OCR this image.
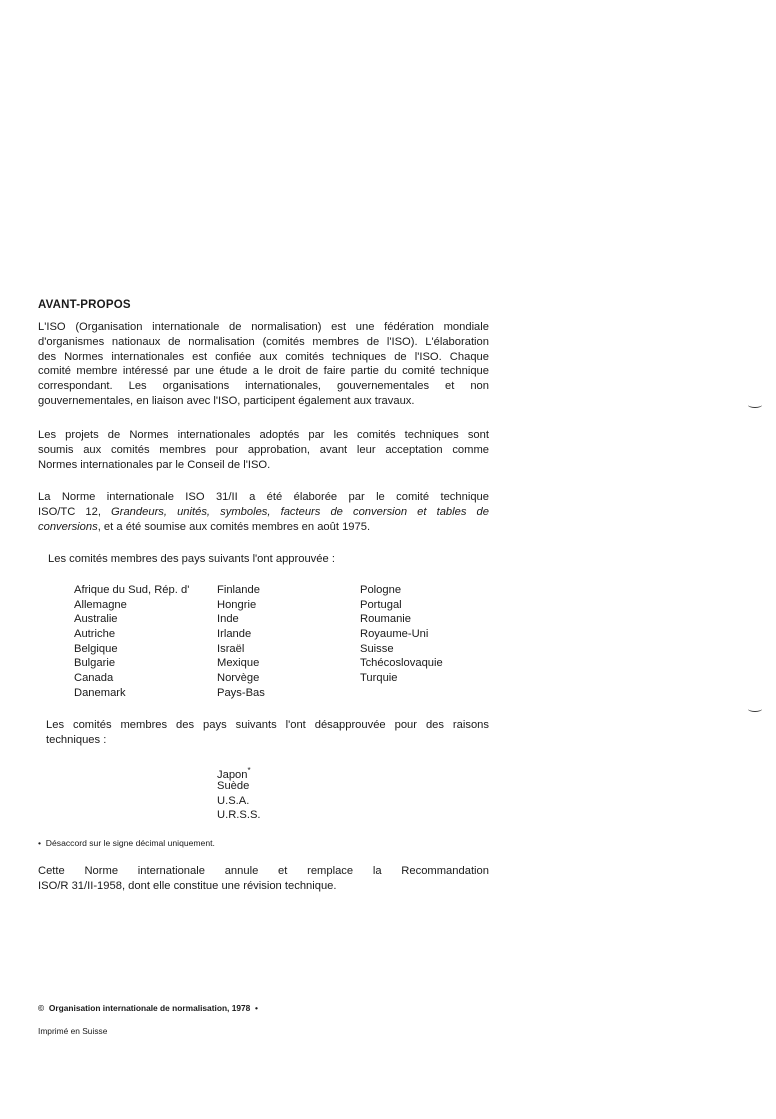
AVANT-PROPOS
L'ISO (Organisation internationale de normalisation) est une fédération mondiale
d'organismes nationaux de normalisation (comités membres de l'ISO). L'élaboration
des Normes internationales est confiée aux comités techniques de l'ISO. Chaque
comité membre intéressé par une étude a le droit de faire partie du comité technique
correspondant. Les organisations internationales, gouvernementales et non
gouvernementales, en liaison avec l'ISO, participent également aux travaux.
Les projets de Normes internationales adoptés par les comités techniques sont
soumis aux comités membres pour approbation, avant leur acceptation comme
Normes internationales par le Conseil de l'ISO.
La Norme internationale ISO 31/II a été élaborée par le comité technique
ISO/TC 12, Grandeurs, unités, symboles, facteurs de conversion et tables de
conversions, et a été soumise aux comités membres en août 1975.
Les comités membres des pays suivants l'ont approuvée :
Afrique du Sud, Rép. d'
Allemagne
Australie
Autriche
Belgique
Bulgarie
Canada
Danemark
Finlande
Hongrie
Inde
Irlande
Israël
Mexique
Norvège
Pays-Bas
Pologne
Portugal
Roumanie
Royaume-Uni
Suisse
Tchécoslovaquie
Turquie
Les comités membres des pays suivants l'ont désapprouvée pour des raisons
techniques :
Japon*
Suède
U.S.A.
U.R.S.S.
• Désaccord sur le signe décimal uniquement.
Cette Norme internationale annule et remplace la Recommandation
ISO/R 31/II-1958, dont elle constitue une révision technique.
© Organisation internationale de normalisation, 1978 •
Imprimé en Suisse
